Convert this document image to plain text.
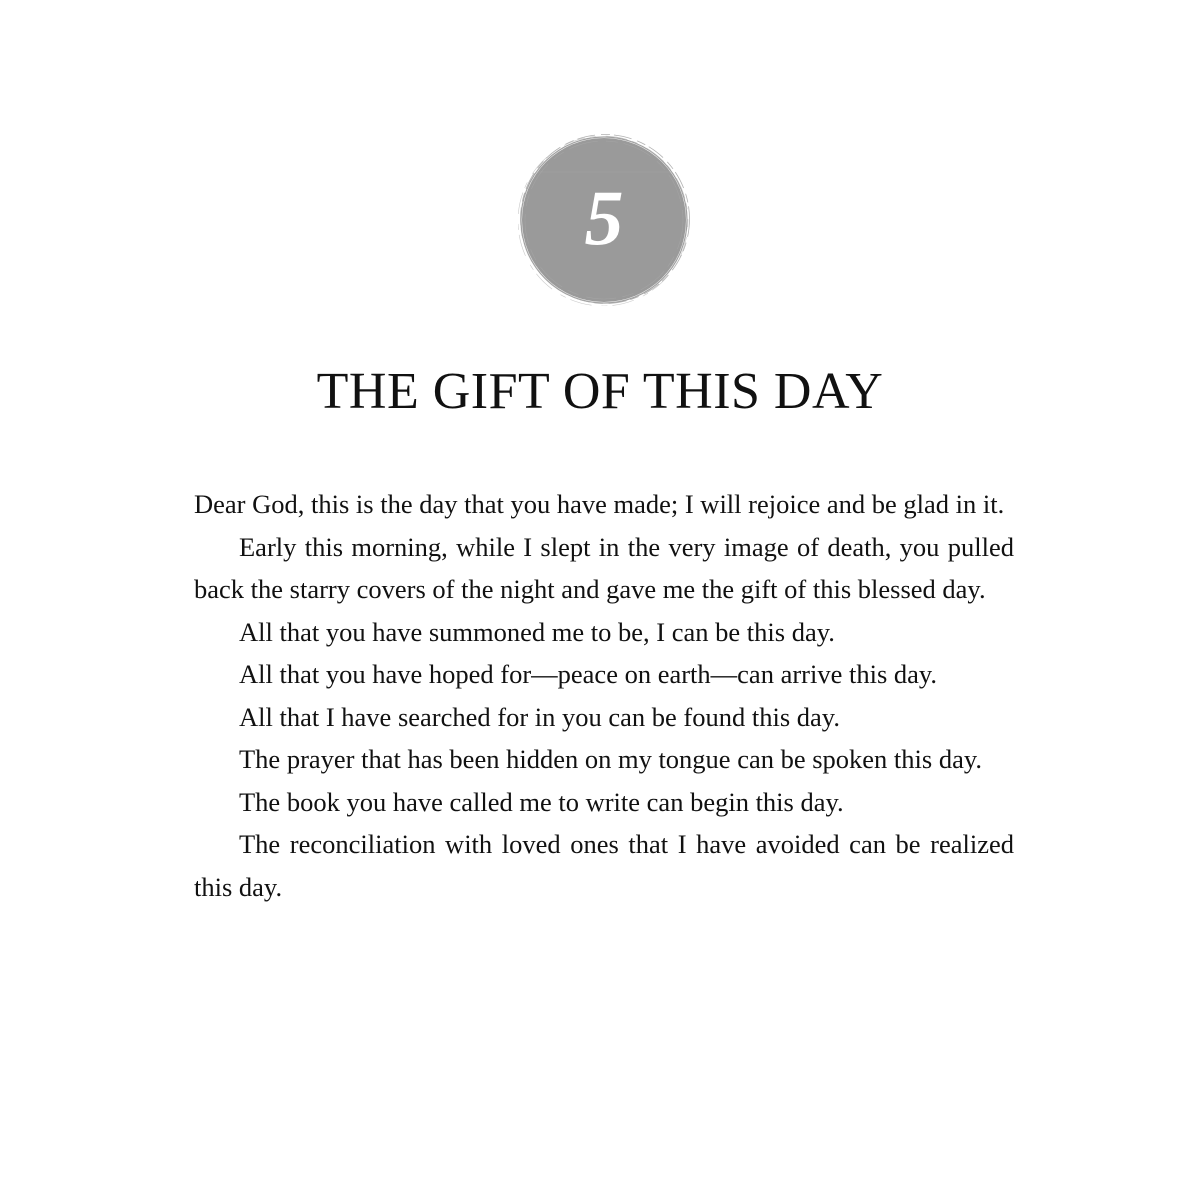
5
THE GIFT OF THIS DAY

Dear God, this is the day that you have made; I will rejoice and be glad in it.

Early this morning, while I slept in the very image of death, you pulled back the starry covers of the night and gave me the gift of this blessed day.

All that you have summoned me to be, I can be this day.

All that you have hoped for—peace on earth—can arrive this day.

All that I have searched for in you can be found this day.

The prayer that has been hidden on my tongue can be spoken this day.

The book you have called me to write can begin this day.

The reconciliation with loved ones that I have avoided can be realized this day.
